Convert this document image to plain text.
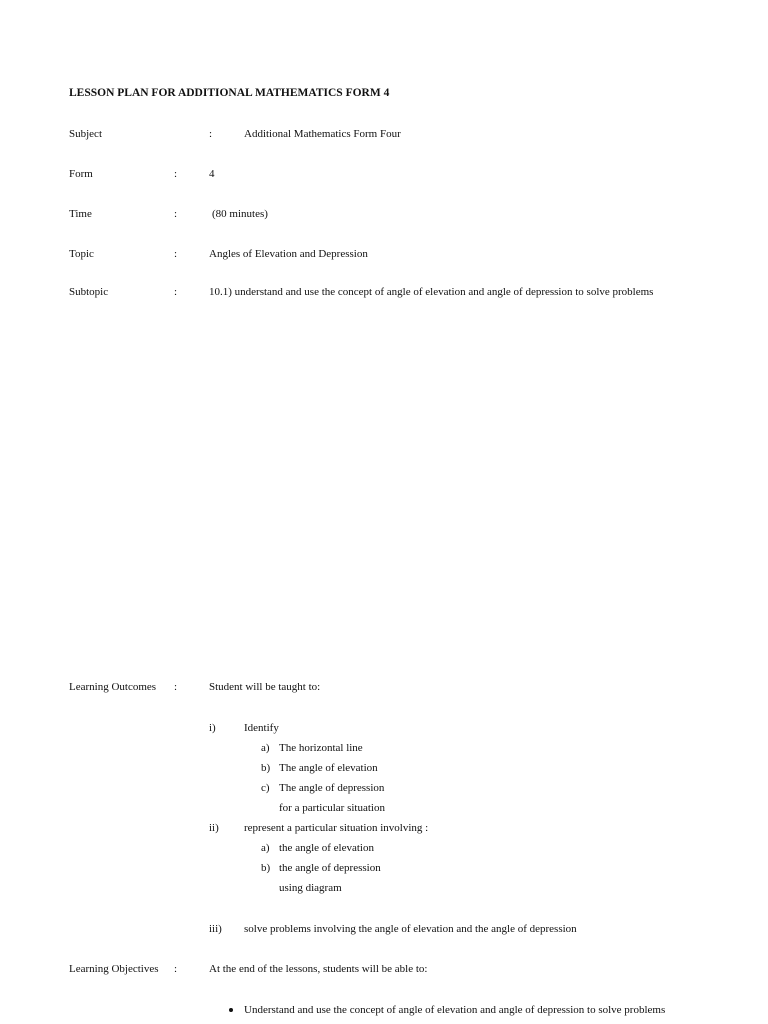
LESSON PLAN FOR ADDITIONAL MATHEMATICS FORM 4
Subject	:	Additional Mathematics Form Four
Form	:	4
Time	:	(80 minutes)
Topic	:	Angles of Elevation and Depression
Subtopic	:	10.1) understand and use the concept of angle of elevation and angle of depression to solve problems
Learning Outcomes :	Student will be taught to:
i)	Identify
a) The horizontal line
b) The angle of elevation
c) The angle of depression
for a particular situation
ii) represent a particular situation involving :
a) the angle of elevation
b) the angle of depression
using diagram
iii) solve problems involving the angle of elevation and the angle of depression
Learning Objectives :	At the end of the lessons, students will be able to:
Understand and use the concept of angle of elevation and angle of depression to solve problems
